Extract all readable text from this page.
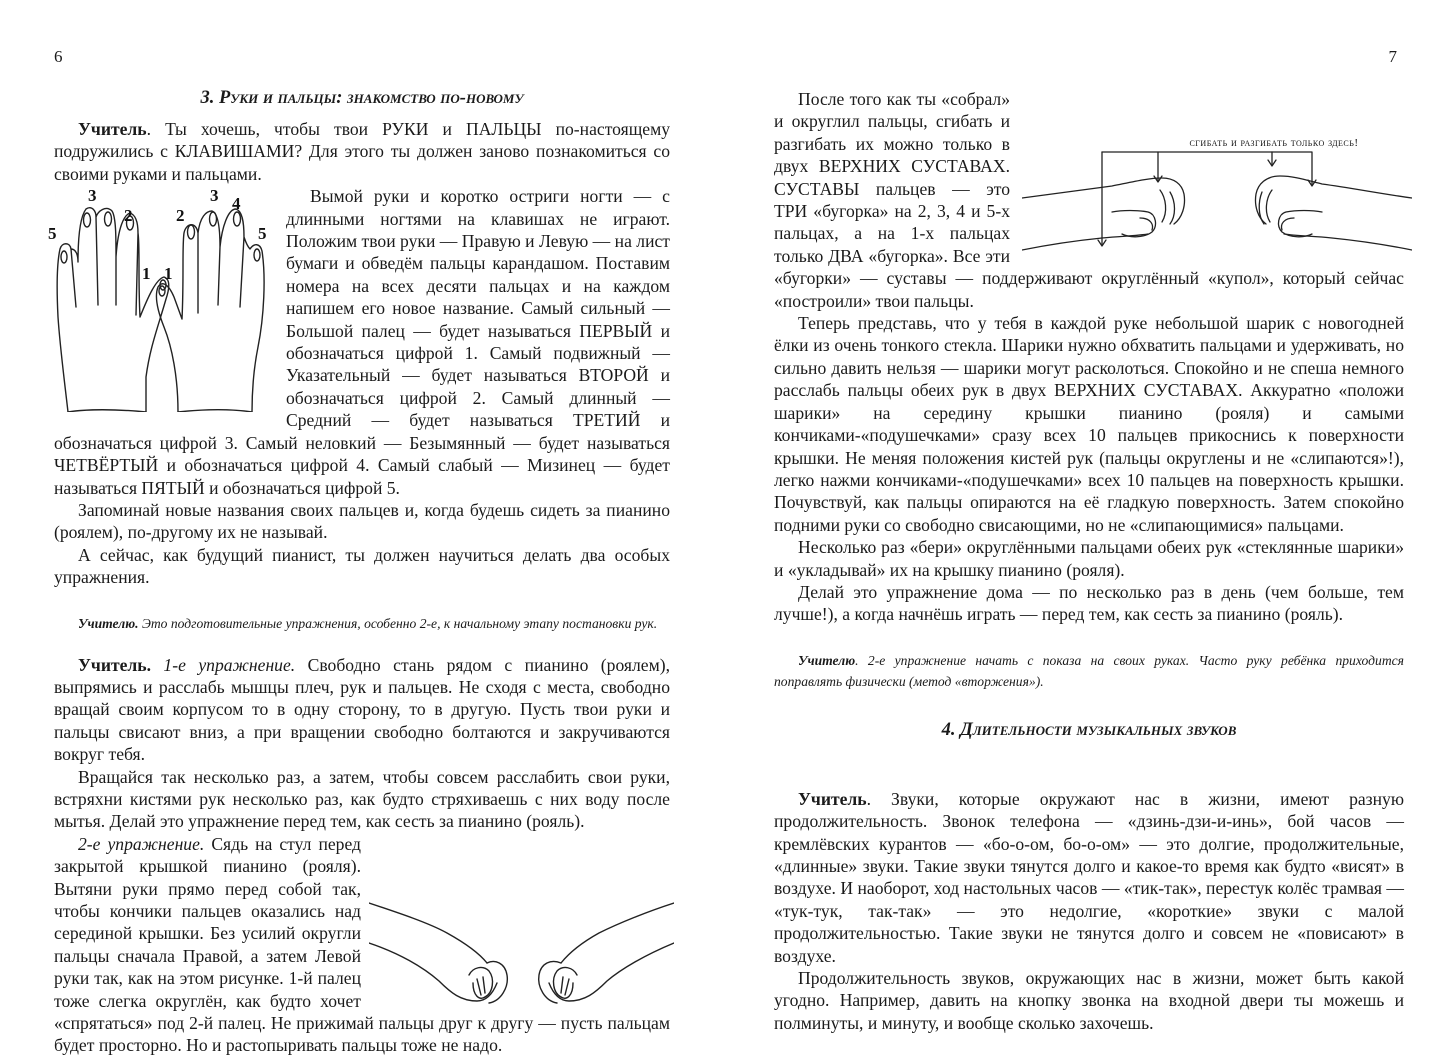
6
3. Руки и пальцы: знакомство по-новому

Учитель. Ты хочешь, чтобы твои РУКИ и ПАЛЬЦЫ по-настоящему подружились с КЛАВИШАМИ? Для этого ты должен заново познакомиться со своими руками и пальцами.

5
3
2
1 1
2
3 4
5

Вымой руки и коротко остриги ногти — с длинными ногтями на клавишах не играют. Положим твои руки — Правую и Левую — на лист бумаги и обведём пальцы карандашом. Поставим номера на всех десяти пальцах и на каждом напишем его новое название. Самый сильный — Большой палец — будет называться ПЕРВЫЙ и обозначаться цифрой 1. Самый подвижный — Указательный — будет называться ВТОРОЙ и обозначаться цифрой 2. Самый длинный — Средний — будет называться ТРЕТИЙ и обозначаться цифрой 3. Самый неловкий — Безымянный — будет называться ЧЕТВЁРТЫЙ и обозначаться цифрой 4. Самый слабый — Мизинец — будет называться ПЯТЫЙ и обозначаться цифрой 5.

Запоминай новые названия своих пальцев и, когда будешь сидеть за пианино (роялем), по-другому их не называй.

А сейчас, как будущий пианист, ты должен научиться делать два особых упражнения.

Учителю. Это подготовительные упражнения, особенно 2-е, к начальному этапу постановки рук.

Учитель. 1-е упражнение. Свободно стань рядом с пианино (роялем), выпрямись и расслабь мышцы плеч, рук и пальцев. Не сходя с места, свободно вращай своим корпусом то в одну сторону, то в другую. Пусть твои руки и пальцы свисают вниз, а при вращении свободно болтаются и закручиваются вокруг тебя.

Вращайся так несколько раз, а затем, чтобы совсем расслабить свои руки, встряхни кистями рук несколько раз, как будто стряхиваешь с них воду после мытья. Делай это упражнение перед тем, как сесть за пианино (рояль).

2-е упражнение. Сядь на стул перед закрытой крышкой пианино (рояля). Вытяни руки прямо перед собой так, чтобы кончики пальцев оказались над серединой крышки. Без усилий округли пальцы сначала Правой, а затем Левой руки так, как на этом рисунке. 1-й палец тоже слегка округлён, как будто хочет «спрятаться» под 2-й палец. Не прижимай пальцы друг к другу — пусть пальцам будет просторно. Но и растопыривать пальцы тоже не надо.

7
сгибать и разгибать только здесь!

После того как ты «собрал» и округлил пальцы, сгибать и разгибать их можно только в двух ВЕРХНИХ СУСТАВАХ. СУСТАВЫ пальцев — это ТРИ «бугорка» на 2, 3, 4 и 5-х пальцах, а на 1-х пальцах только ДВА «бугорка». Все эти «бугорки» — суставы — поддерживают округлённый «купол», который сейчас «построили» твои пальцы.

Теперь представь, что у тебя в каждой руке небольшой шарик с новогодней ёлки из очень тонкого стекла. Шарики нужно обхватить пальцами и удерживать, но сильно давить нельзя — шарики могут расколоться. Спокойно и не спеша немного расслабь пальцы обеих рук в двух ВЕРХНИХ СУСТАВАХ. Аккуратно «положи шарики» на середину крышки пианино (рояля) и самыми кончиками-«подушечками» сразу всех 10 пальцев прикоснись к поверхности крышки. Не меняя положения кистей рук (пальцы округлены и не «слипаются»!), легко нажми кончиками-«подушечками» всех 10 пальцев на поверхность крышки. Почувствуй, как пальцы опираются на её гладкую поверхность. Затем спокойно подними руки со свободно свисающими, но не «слипающимися» пальцами.

Несколько раз «бери» округлёнными пальцами обеих рук «стеклянные шарики» и «укладывай» их на крышку пианино (рояля).

Делай это упражнение дома — по несколько раз в день (чем больше, тем лучше!), а когда начнёшь играть — перед тем, как сесть за пианино (рояль).

Учителю. 2-е упражнение начать с показа на своих руках. Часто руку ребёнка приходится поправлять физически (метод «вторжения»).

4. Длительности музыкальных звуков

Учитель. Звуки, которые окружают нас в жизни, имеют разную продолжительность. Звонок телефона — «дзинь-дзи-и-инь», бой часов — кремлёвских курантов — «бо-о-ом, бо-о-ом» — это долгие, продолжительные, «длинные» звуки. Такие звуки тянутся долго и какое-то время как будто «висят» в воздухе. И наоборот, ход настольных часов — «тик-так», перестук колёс трамвая — «тук-тук, так-так» — это недолгие, «короткие» звуки с малой продолжительностью. Такие звуки не тянутся долго и совсем не «повисают» в воздухе.

Продолжительность звуков, окружающих нас в жизни, может быть какой угодно. Например, давить на кнопку звонка на входной двери ты можешь и полминуты, и минуту, и вообще сколько захочешь.
